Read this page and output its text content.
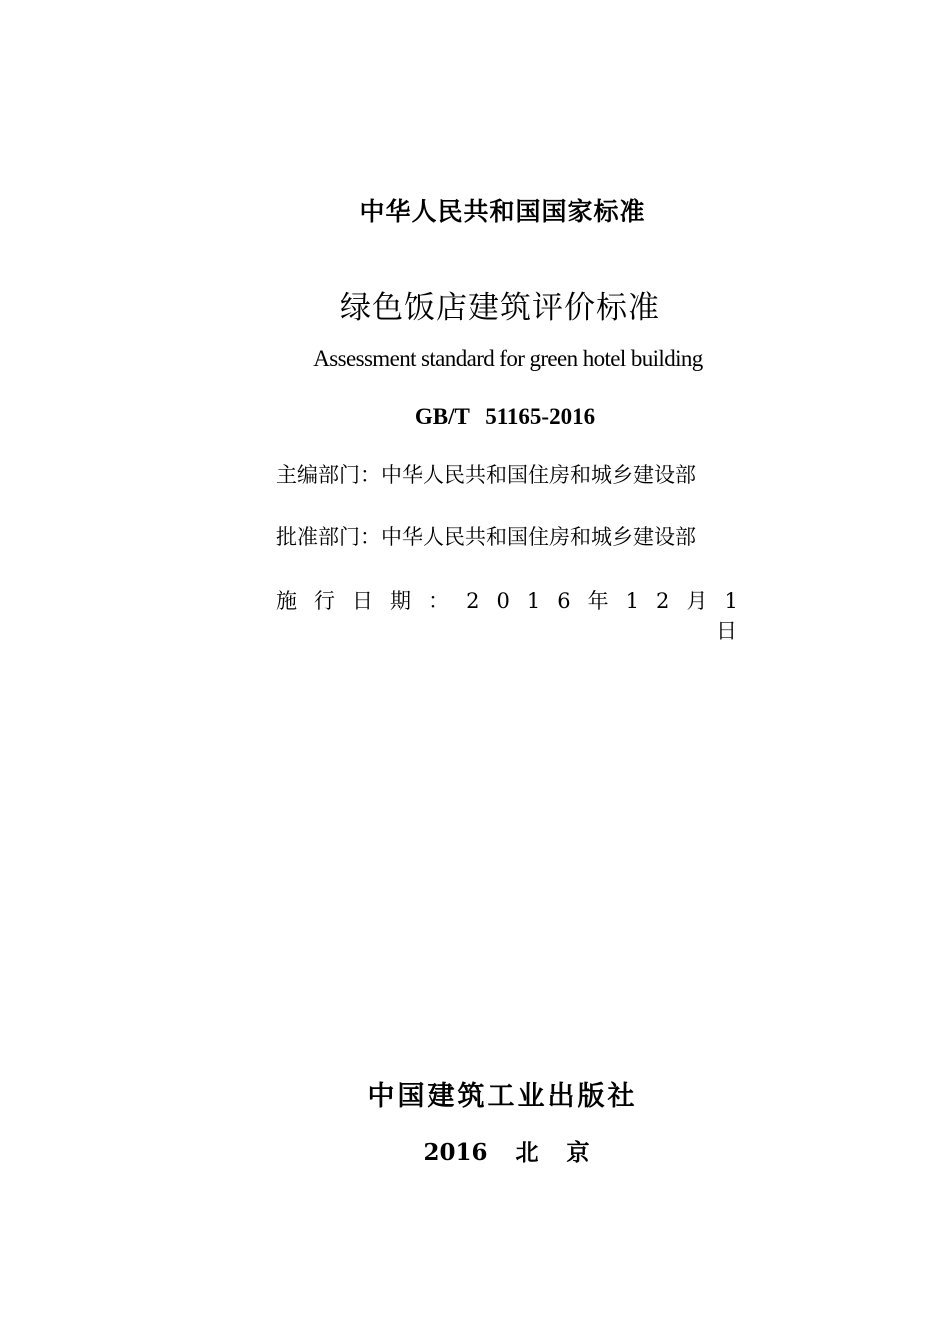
中华人民共和国国家标准
绿色饭店建筑评价标准
Assessment standard for green hotel building
GB/T 51165-2016
主编部门：中华人民共和国住房和城乡建设部
批准部门：中华人民共和国住房和城乡建设部
施 行 日 期 ： 2 0 1 6 年 1 2 月 1
日
中国建筑工业出版社
2016 北 京
